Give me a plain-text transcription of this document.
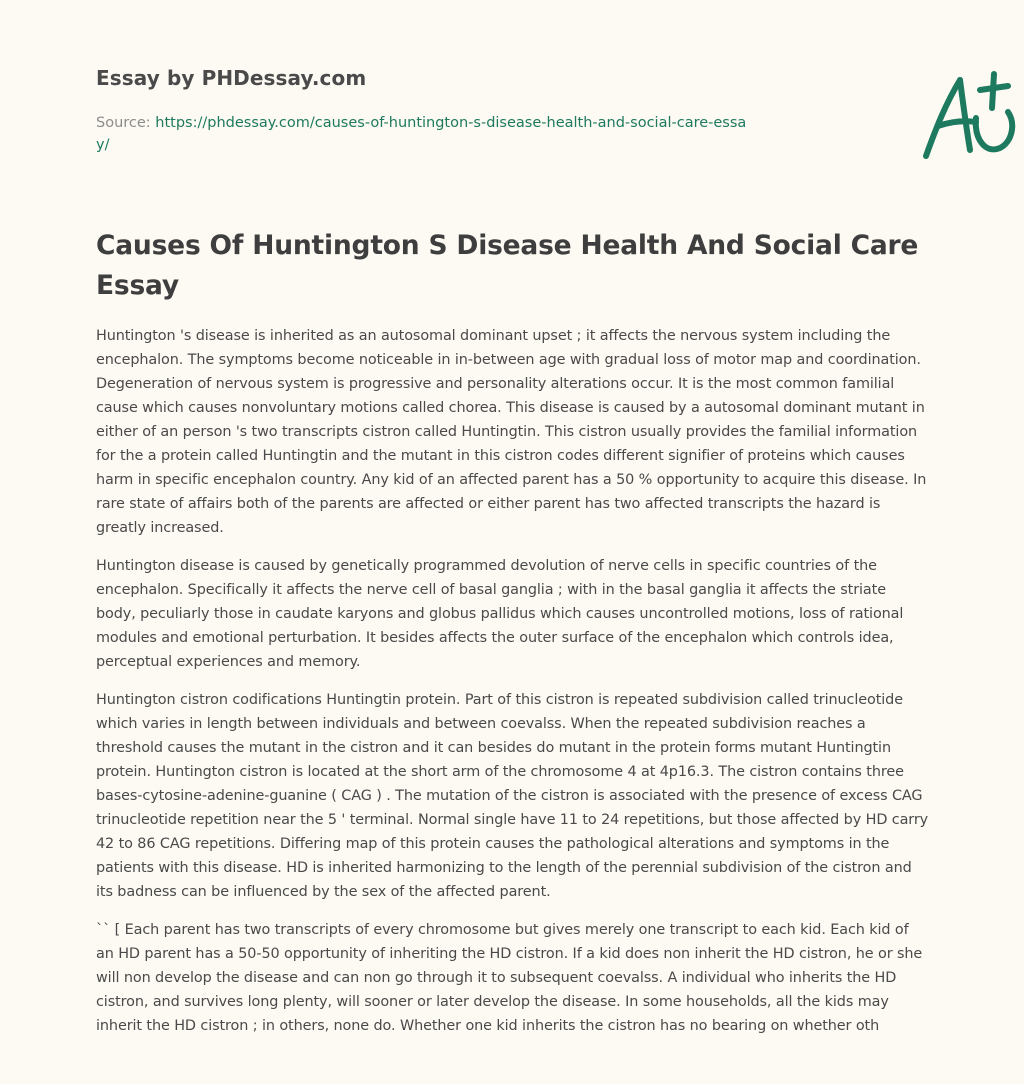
Essay by PHDessay.com
Source: https://phdessay.com/causes-of-huntington-s-disease-health-and-social-care-essay/
Causes Of Huntington S Disease Health And Social Care Essay

Huntington 's disease is inherited as an autosomal dominant upset ; it affects the nervous system including the encephalon. The symptoms become noticeable in in-between age with gradual loss of motor map and coordination. Degeneration of nervous system is progressive and personality alterations occur. It is the most common familial cause which causes nonvoluntary motions called chorea. This disease is caused by a autosomal dominant mutant in either of an person 's two transcripts cistron called Huntingtin. This cistron usually provides the familial information for the a protein called Huntingtin and the mutant in this cistron codes different signifier of proteins which causes harm in specific encephalon country. Any kid of an affected parent has a 50 % opportunity to acquire this disease. In rare state of affairs both of the parents are affected or either parent has two affected transcripts the hazard is greatly increased.

Huntington disease is caused by genetically programmed devolution of nerve cells in specific countries of the encephalon. Specifically it affects the nerve cell of basal ganglia ; with in the basal ganglia it affects the striate body, peculiarly those in caudate karyons and globus pallidus which causes uncontrolled motions, loss of rational modules and emotional perturbation. It besides affects the outer surface of the encephalon which controls idea, perceptual experiences and memory.

Huntington cistron codifications Huntingtin protein. Part of this cistron is repeated subdivision called trinucleotide which varies in length between individuals and between coevalss. When the repeated subdivision reaches a threshold causes the mutant in the cistron and it can besides do mutant in the protein forms mutant Huntingtin protein. Huntington cistron is located at the short arm of the chromosome 4 at 4p16.3. The cistron contains three bases-cytosine-adenine-guanine ( CAG ) . The mutation of the cistron is associated with the presence of excess CAG trinucleotide repetition near the 5 ' terminal. Normal single have 11 to 24 repetitions, but those affected by HD carry 42 to 86 CAG repetitions. Differing map of this protein causes the pathological alterations and symptoms in the patients with this disease. HD is inherited harmonizing to the length of the perennial subdivision of the cistron and its badness can be influenced by the sex of the affected parent.

`` [ Each parent has two transcripts of every chromosome but gives merely one transcript to each kid. Each kid of an HD parent has a 50-50 opportunity of inheriting the HD cistron. If a kid does non inherit the HD cistron, he or she will non develop the disease and can non go through it to subsequent coevalss. A individual who inherits the HD cistron, and survives long plenty, will sooner or later develop the disease. In some households, all the kids may inherit the HD cistron ; in others, none do. Whether one kid inherits the cistron has no bearing on whether oth
